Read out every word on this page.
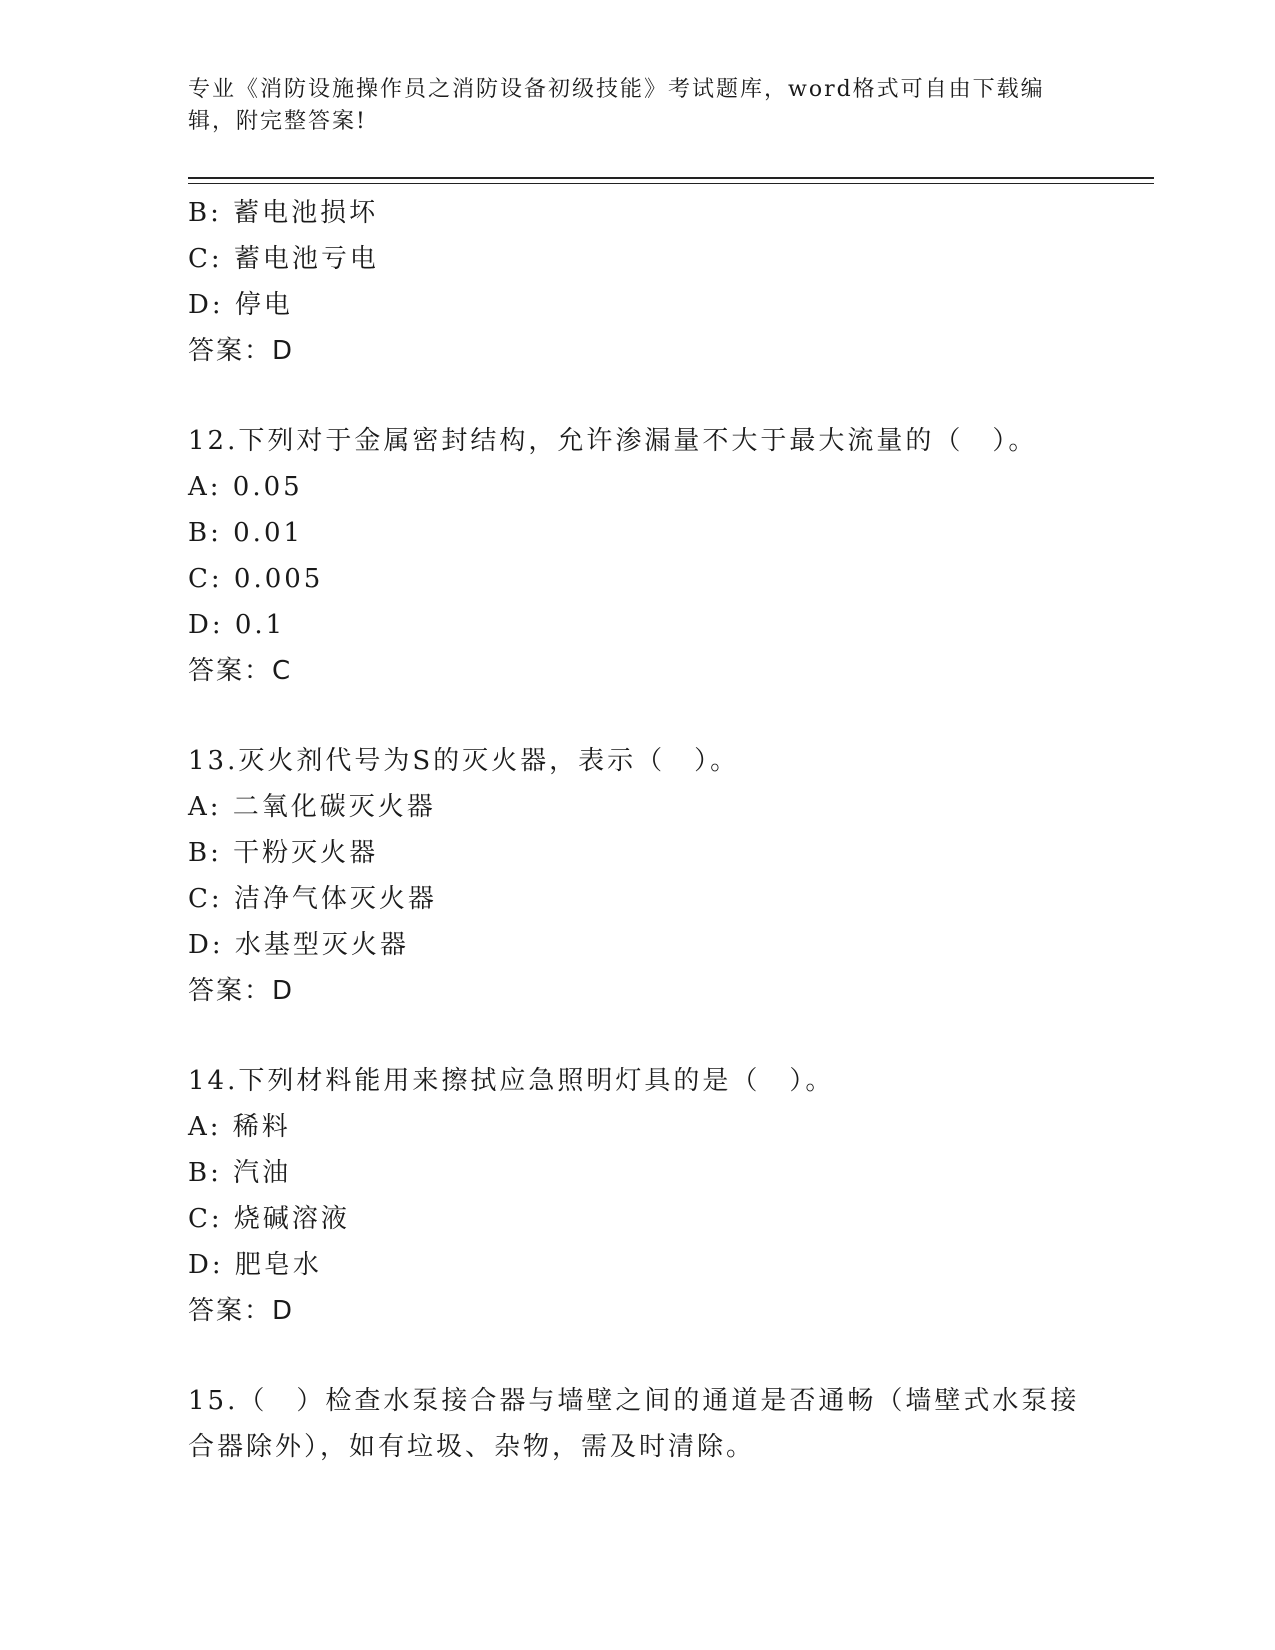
专业《消防设施操作员之消防设备初级技能》考试题库，word格式可自由下载编
辑，附完整答案!
B: 蓄电池损坏
C: 蓄电池亏电
D: 停电
答案：D
12.下列对于金属密封结构，允许渗漏量不大于最大流量的（　）。
A: 0.05
B: 0.01
C: 0.005
D: 0.1
答案：C
13.灭火剂代号为S的灭火器，表示（　）。
A: 二氧化碳灭火器
B: 干粉灭火器
C: 洁净气体灭火器
D: 水基型灭火器
答案：D
14.下列材料能用来擦拭应急照明灯具的是（　）。
A: 稀料
B: 汽油
C: 烧碱溶液
D: 肥皂水
答案：D
15.（　）检查水泵接合器与墙壁之间的通道是否通畅（墙壁式水泵接
合器除外），如有垃圾、杂物，需及时清除。
